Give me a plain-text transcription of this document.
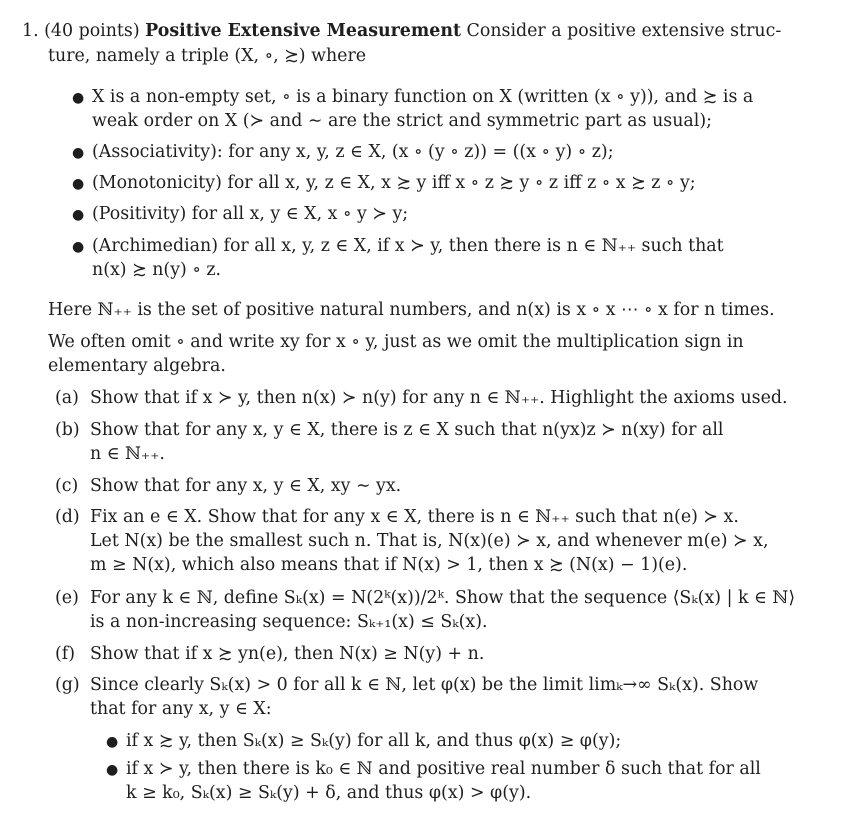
1. (40 points) Positive Extensive Measurement Consider a positive extensive struc-
ture, namely a triple (X, ∘, ≿) where
● X is a non-empty set, ∘ is a binary function on X (written (x ∘ y)), and ≿ is a
weak order on X (≻ and ∼ are the strict and symmetric part as usual);
● (Associativity): for any x, y, z ∈ X, (x ∘ (y ∘ z)) = ((x ∘ y) ∘ z);
● (Monotonicity) for all x, y, z ∈ X, x ≿ y iff x ∘ z ≿ y ∘ z iff z ∘ x ≿ z ∘ y;
● (Positivity) for all x, y ∈ X, x ∘ y ≻ y;
● (Archimedian) for all x, y, z ∈ X, if x ≻ y, then there is n ∈ ℕ₊₊ such that
n(x) ≿ n(y) ∘ z.
Here ℕ₊₊ is the set of positive natural numbers, and n(x) is x ∘ x ⋯ ∘ x for n times.
We often omit ∘ and write xy for x ∘ y, just as we omit the multiplication sign in
elementary algebra.
(a) Show that if x ≻ y, then n(x) ≻ n(y) for any n ∈ ℕ₊₊. Highlight the axioms used.
(b) Show that for any x, y ∈ X, there is z ∈ X such that n(yx)z ≻ n(xy) for all
n ∈ ℕ₊₊.
(c) Show that for any x, y ∈ X, xy ∼ yx.
(d) Fix an e ∈ X. Show that for any x ∈ X, there is n ∈ ℕ₊₊ such that n(e) ≻ x.
Let N(x) be the smallest such n. That is, N(x)(e) ≻ x, and whenever m(e) ≻ x,
m ≥ N(x), which also means that if N(x) > 1, then x ≿ (N(x) − 1)(e).
(e) For any k ∈ ℕ, define Sₖ(x) = N(2ᵏ(x))/2ᵏ. Show that the sequence ⟨Sₖ(x) | k ∈ ℕ⟩
is a non-increasing sequence: Sₖ₊₁(x) ≤ Sₖ(x).
(f) Show that if x ≿ yn(e), then N(x) ≥ N(y) + n.
(g) Since clearly Sₖ(x) > 0 for all k ∈ ℕ, let φ(x) be the limit limₖ→∞ Sₖ(x). Show
that for any x, y ∈ X:
● if x ≿ y, then Sₖ(x) ≥ Sₖ(y) for all k, and thus φ(x) ≥ φ(y);
● if x ≻ y, then there is k₀ ∈ ℕ and positive real number δ such that for all
k ≥ k₀, Sₖ(x) ≥ Sₖ(y) + δ, and thus φ(x) > φ(y).
